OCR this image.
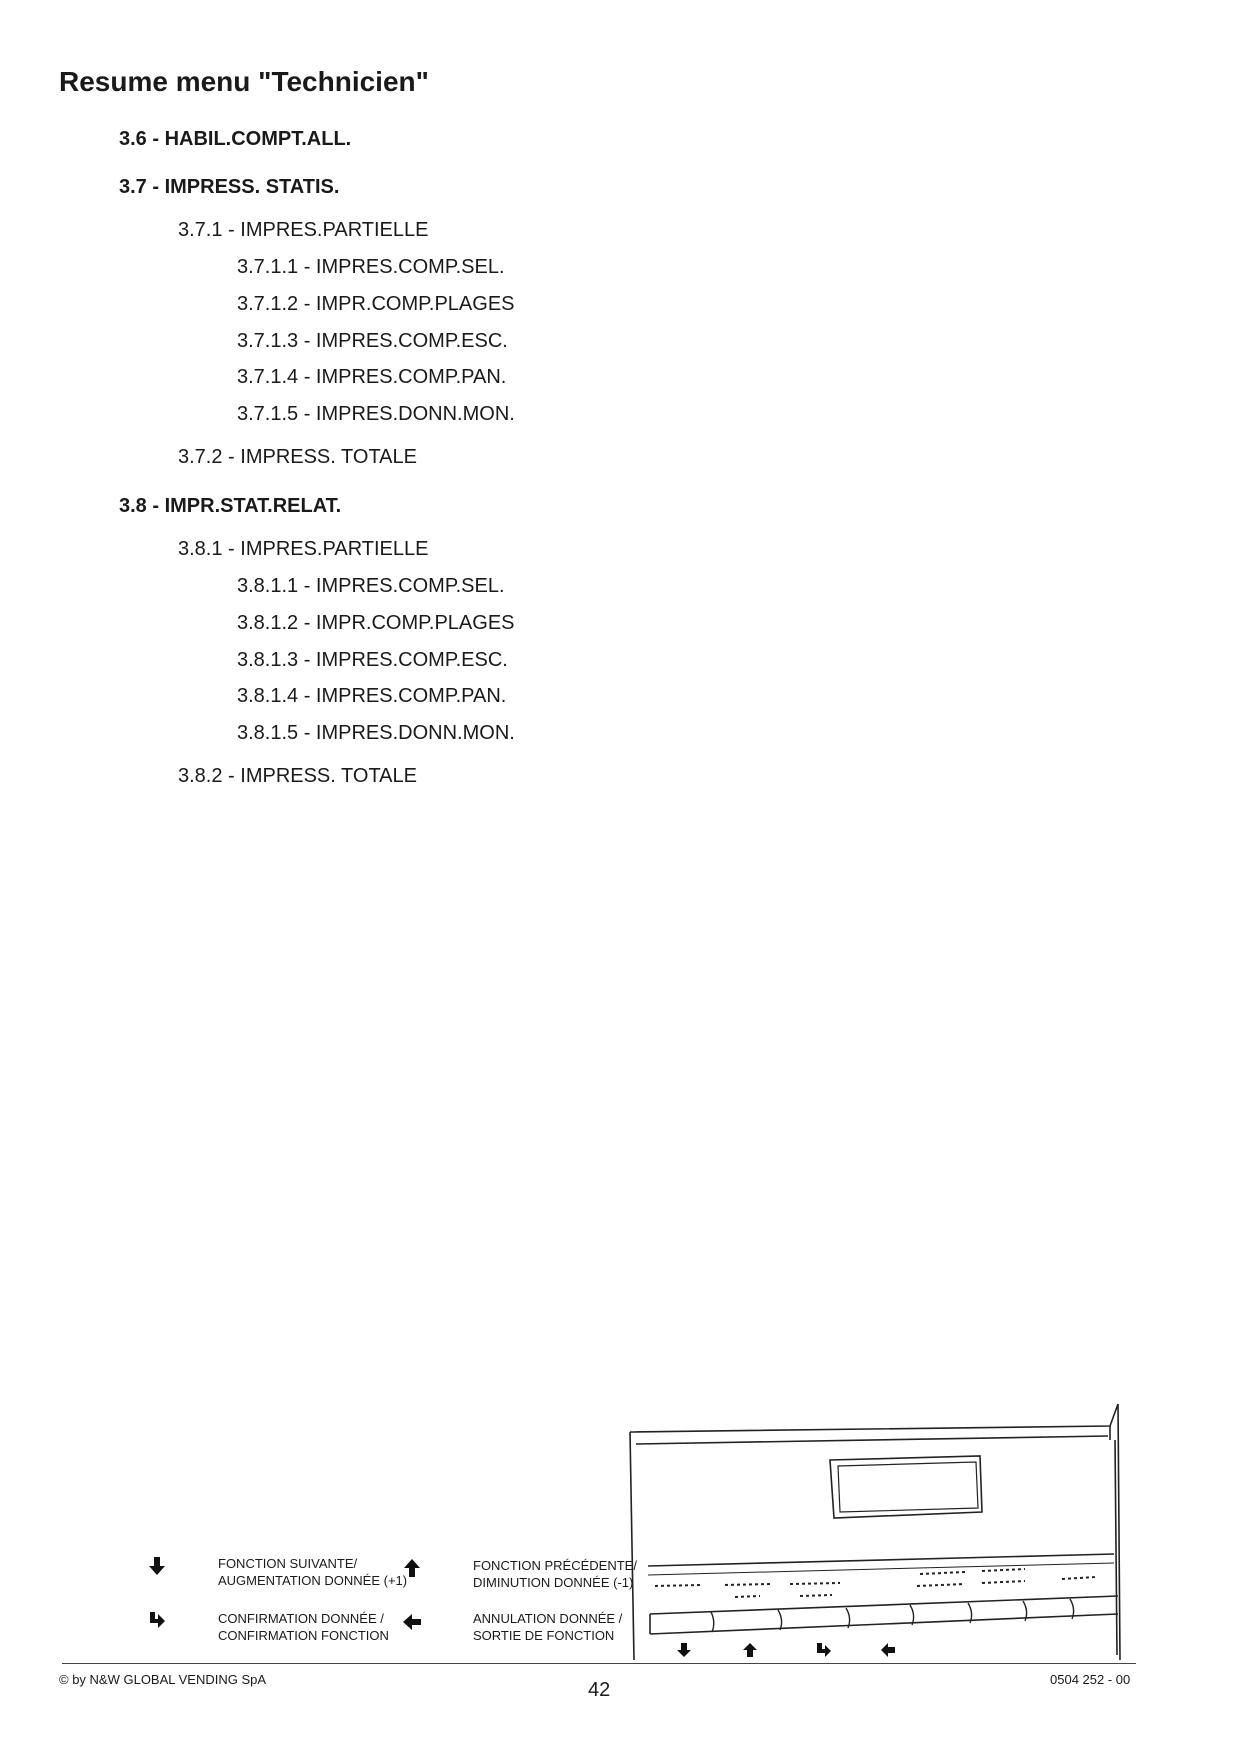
Resume menu "Technicien"
3.6 - HABIL.COMPT.ALL.
3.7 - IMPRESS. STATIS.
3.7.1 - IMPRES.PARTIELLE
3.7.1.1 - IMPRES.COMP.SEL.
3.7.1.2 - IMPR.COMP.PLAGES
3.7.1.3 - IMPRES.COMP.ESC.
3.7.1.4 - IMPRES.COMP.PAN.
3.7.1.5 - IMPRES.DONN.MON.
3.7.2 - IMPRESS. TOTALE
3.8 - IMPR.STAT.RELAT.
3.8.1 - IMPRES.PARTIELLE
3.8.1.1 - IMPRES.COMP.SEL.
3.8.1.2 - IMPR.COMP.PLAGES
3.8.1.3 - IMPRES.COMP.ESC.
3.8.1.4 - IMPRES.COMP.PAN.
3.8.1.5 - IMPRES.DONN.MON.
3.8.2 - IMPRESS. TOTALE
FONCTION SUIVANTE/
AUGMENTATION DONNÉE (+1)
FONCTION PRÉCÉDENTE/
DIMINUTION DONNÉE (-1)
CONFIRMATION DONNÉE /
CONFIRMATION FONCTION
ANNULATION DONNÉE /
SORTIE DE FONCTION
© by N&W GLOBAL VENDING SpA	42	0504 252 - 00
